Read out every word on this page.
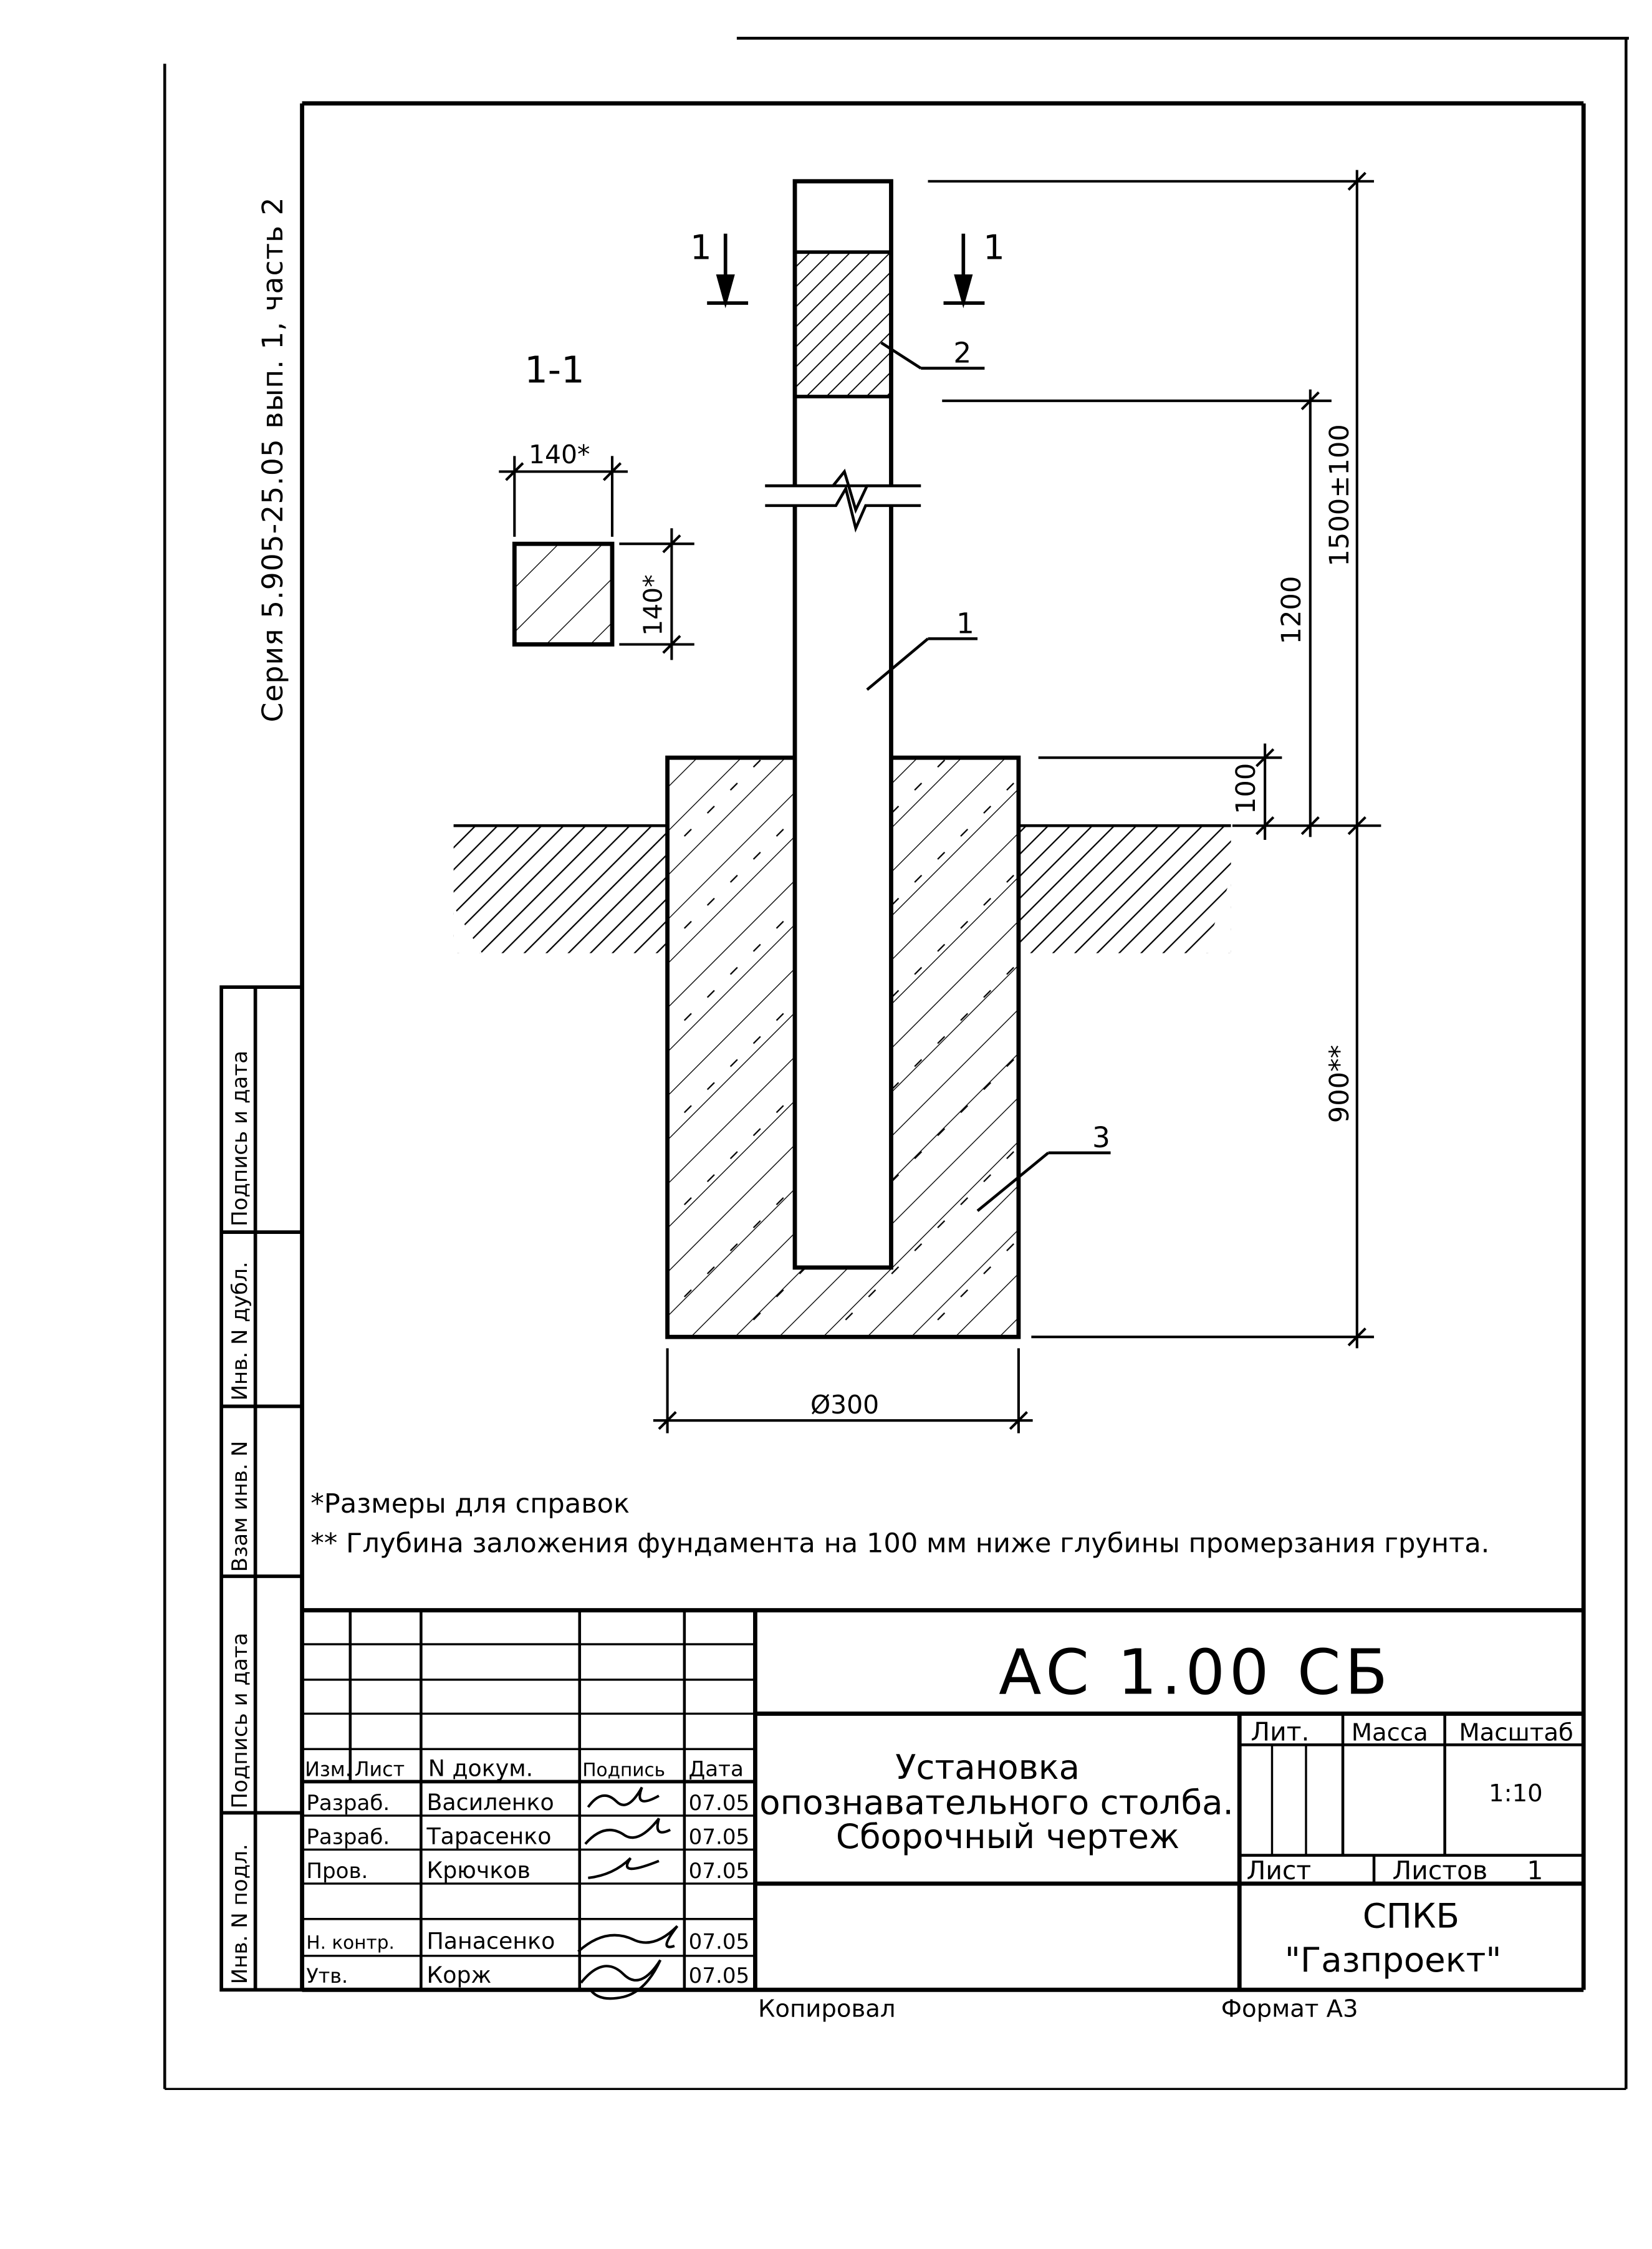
Серия 5.905-25.05 вып. 1, часть 2
Инв. N подл.
Подпись и дата
Взам инв. N
Инв. N дубл.
Подпись и дата
1	1
1-1
140*
140*
1500±100
1200
100
900**
Ø300
2
1
3
*Размеры для справок
** Глубина заложения фундамента на 100 мм ниже глубины промерзания грунта.
АС 1.00 СБ
Изм. Лист N докум.	Подпись	Дата
Разраб.	Василенко	07.05
Разраб.	Тарасенко	07.05
Пров.	Крючков	07.05
Н. контр.	Панасенко	07.05
Утв.	Корж	07.05
Установка
опознавательного столба.
Сборочный чертеж
Лит.	Масса	Масштаб
1:10
Лист	Листов	1
СПКБ
"Газпроект"
Копировал	Формат А3
